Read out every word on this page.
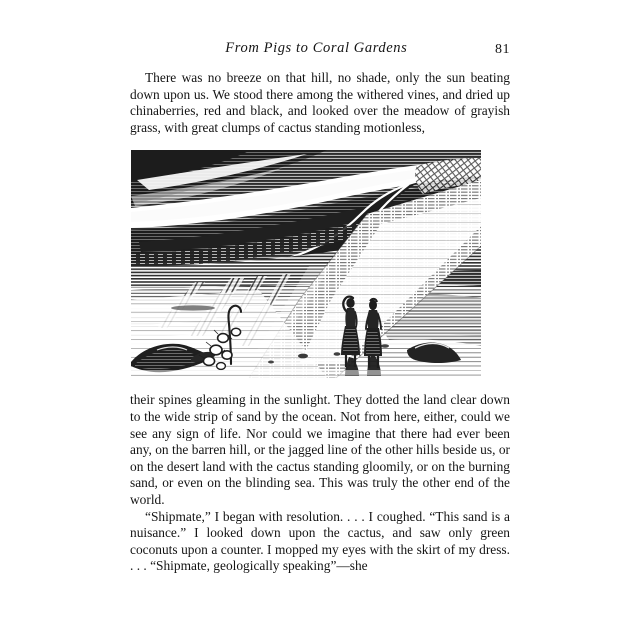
From Pigs to Coral Gardens	81

There was no breeze on that hill, no shade, only the sun beating down upon us. We stood there among the withered vines, and dried up chinaberries, red and black, and looked over the meadow of grayish grass, with great clumps of cactus standing motionless,

their spines gleaming in the sunlight. They dotted the land clear down to the wide strip of sand by the ocean. Not from here, either, could we see any sign of life. Nor could we imagine that there had ever been any, on the barren hill, or the jagged line of the other hills beside us, or on the desert land with the cactus standing gloomily, or on the burning sand, or even on the blinding sea. This was truly the other end of the world.

“Shipmate,” I began with resolution. . . . I coughed. “This sand is a nuisance.” I looked down upon the cactus, and saw only green coconuts upon a counter. I mopped my eyes with the skirt of my dress. . . . “Shipmate, geologically speaking”—she
